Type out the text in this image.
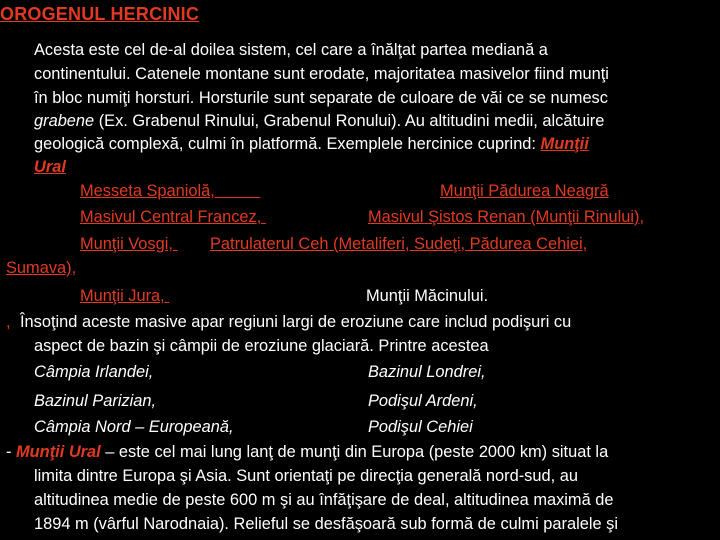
OROGENUL HERCINIC
Acesta este cel de-al doilea sistem, cel care a înălţat partea mediană a
continentului. Catenele montane sunt erodate, majoritatea masivelor fiind munţi
în bloc numiţi horsturi. Horsturile sunt separate de culoare de văi ce se numesc
grabene (Ex. Grabenul Rinului, Grabenul Ronului). Au altitudini medii, alcătuire
geologică complexă, culmi în platformă. Exemplele hercinice cuprind: Munţii
Ural
Messeta Spaniolă,	Munţii Pădurea Neagră
Masivul Central Francez,	Masivul Şistos Renan (Munţii Rinului),
Munţii Vosgi, Patrulaterul Ceh (Metaliferi, Sudeţi, Pădurea Cehiei,
Sumava),
Munţii Jura,	Munţii Măcinului.
, Însoţind aceste masive apar regiuni largi de eroziune care includ podişuri cu
aspect de bazin şi câmpii de eroziune glaciară. Printre acestea
Câmpia Irlandei,	Bazinul Londrei,
Bazinul Parizian,	Podişul Ardeni,
Câmpia Nord – Europeană,	Podişul Cehiei
- Munţii Ural – este cel mai lung lanţ de munţi din Europa (peste 2000 km) situat la
limita dintre Europa şi Asia. Sunt orientaţi pe direcţia generală nord-sud, au
altitudinea medie de peste 600 m şi au înfăţişare de deal, altitudinea maximă de
1894 m (vârful Narodnaia). Relieful se desfăşoară sub formă de culmi paralele şi
